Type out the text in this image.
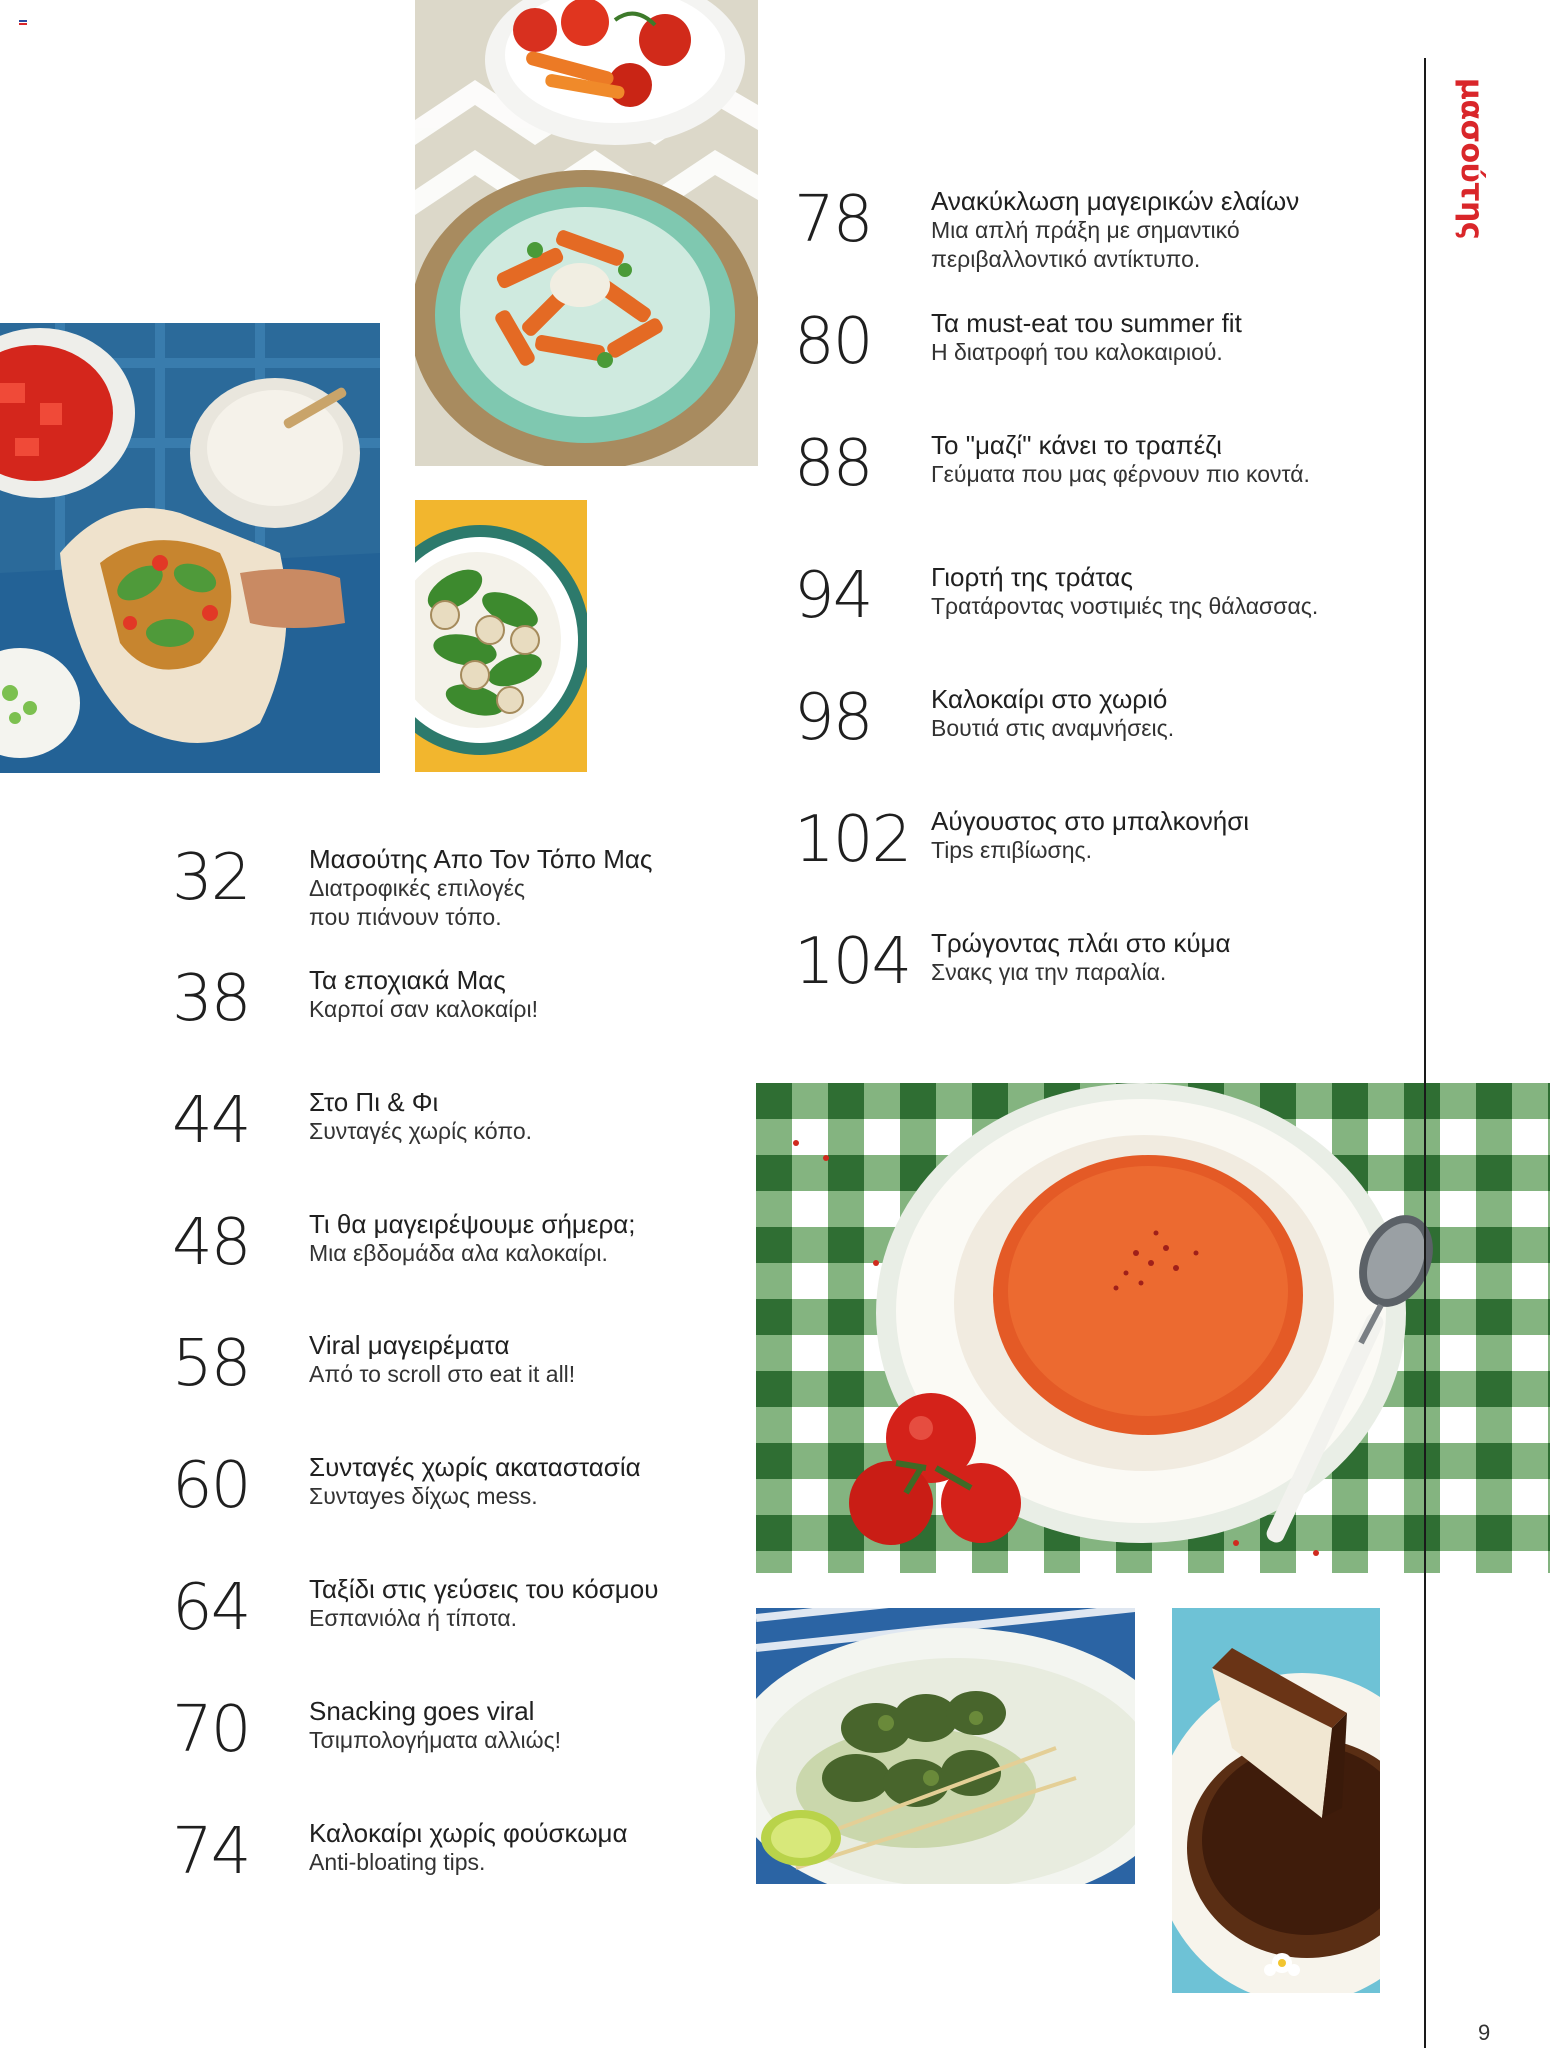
32 Μασούτης Απο Τον Τόπο Μας
Διατροφικές επιλογές
που πιάνουν τόπο.
38 Τα εποχιακά Μας
Καρποί σαν καλοκαίρι!
44 Στο Πι & Φι
Συνταγές χωρίς κόπο.
48 Τι θα μαγειρέψουμε σήμερα;
Μια εβδομάδα αλα καλοκαίρι.
58 Viral μαγειρέματα
Από το scroll στο eat it all!
60 Συνταγές χωρίς ακαταστασία
Συνταyes δίχως mess.
64 Ταξίδι στις γεύσεις του κόσμου
Εσπανιόλα ή τίποτα.
70 Snacking goes viral
Τσιμπολογήματα αλλιώς!
74 Καλοκαίρι χωρίς φούσκωμα
Anti-bloating tips.
78 Ανακύκλωση μαγειρικών ελαίων
Μια απλή πράξη με σημαντικό
περιβαλλοντικό αντίκτυπο.
80 Τα must-eat του summer fit
Η διατροφή του καλοκαιριού.
88 Το "μαζί" κάνει το τραπέζι
Γεύματα που μας φέρνουν πιο κοντά.
94 Γιορτή της τράτας
Τρατάροντας νοστιμιές της θάλασσας.
98 Καλοκαίρι στο χωριό
Βουτιά στις αναμνήσεις.
102 Αύγουστος στο μπαλκονήσι
Tips επιβίωσης.
104 Τρώγοντας πλάι στο κύμα
Σνακς για την παραλία.
μασούτης
9
